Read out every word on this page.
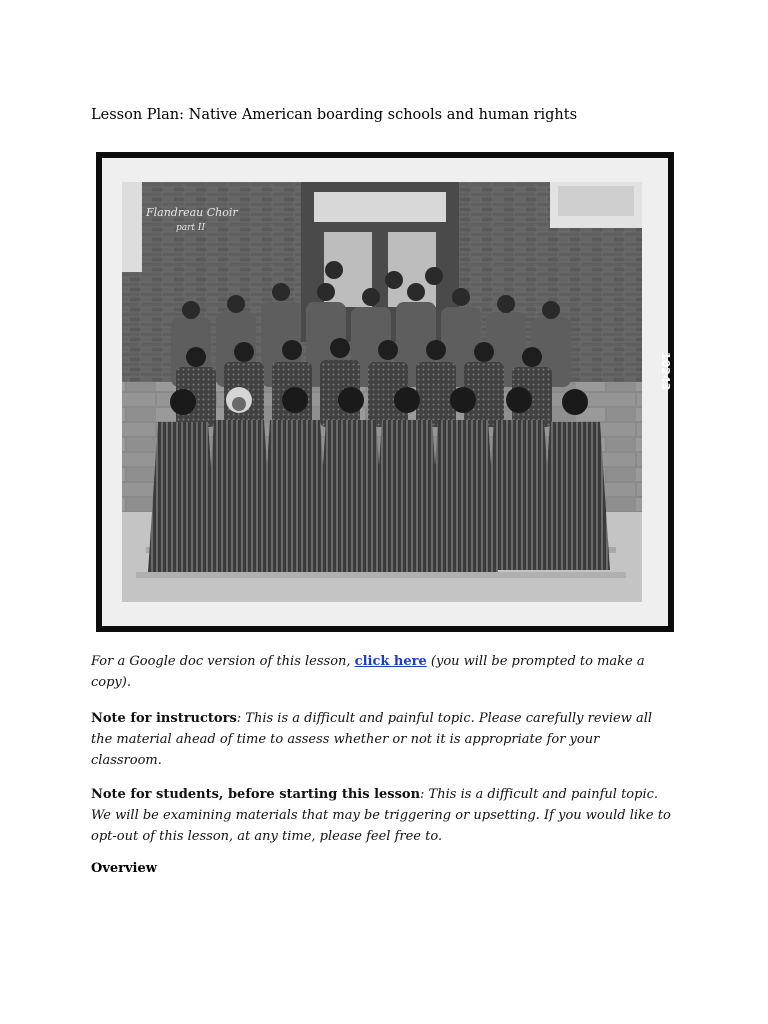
Lesson Plan: Native American boarding schools and human rights
Flandreau Choir
part II
10243

For a Google doc version of this lesson, click here (you will be prompted to make a copy).

Note for instructors: This is a difficult and painful topic. Please carefully review all the material ahead of time to assess whether or not it is appropriate for your classroom.

Note for students, before starting this lesson: This is a difficult and painful topic. We will be examining materials that may be triggering or upsetting. If you would like to opt-out of this lesson, at any time, please feel free to.

Overview
